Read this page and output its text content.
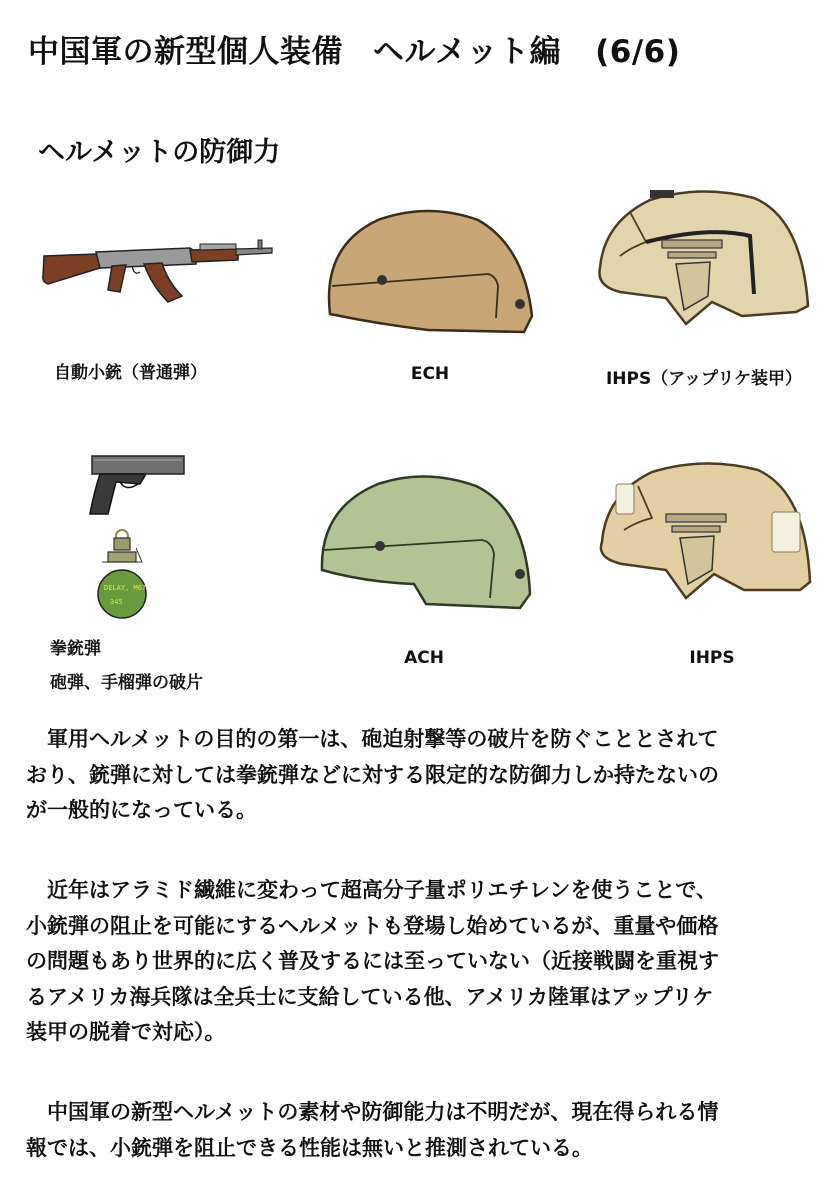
中国軍の新型個人装備 ヘルメット編 (6/6)
ヘルメットの防御力
自動小銃（普通弾）
DELAY, M67
345
拳銃弾
砲弾、手榴弾の破片
ECH	IHPS（アップリケ装甲）
ACH	IHPS
　軍用ヘルメットの目的の第一は、砲迫射撃等の破片を防ぐこととされて
おり、銃弾に対しては拳銃弾などに対する限定的な防御力しか持たないの
が一般的になっている。
　近年はアラミド繊維に変わって超高分子量ポリエチレンを使うことで、
小銃弾の阻止を可能にするヘルメットも登場し始めているが、重量や価格
の問題もあり世界的に広く普及するには至っていない（近接戦闘を重視す
るアメリカ海兵隊は全兵士に支給している他、アメリカ陸軍はアップリケ
装甲の脱着で対応）。
　中国軍の新型ヘルメットの素材や防御能力は不明だが、現在得られる情
報では、小銃弾を阻止できる性能は無いと推測されている。
